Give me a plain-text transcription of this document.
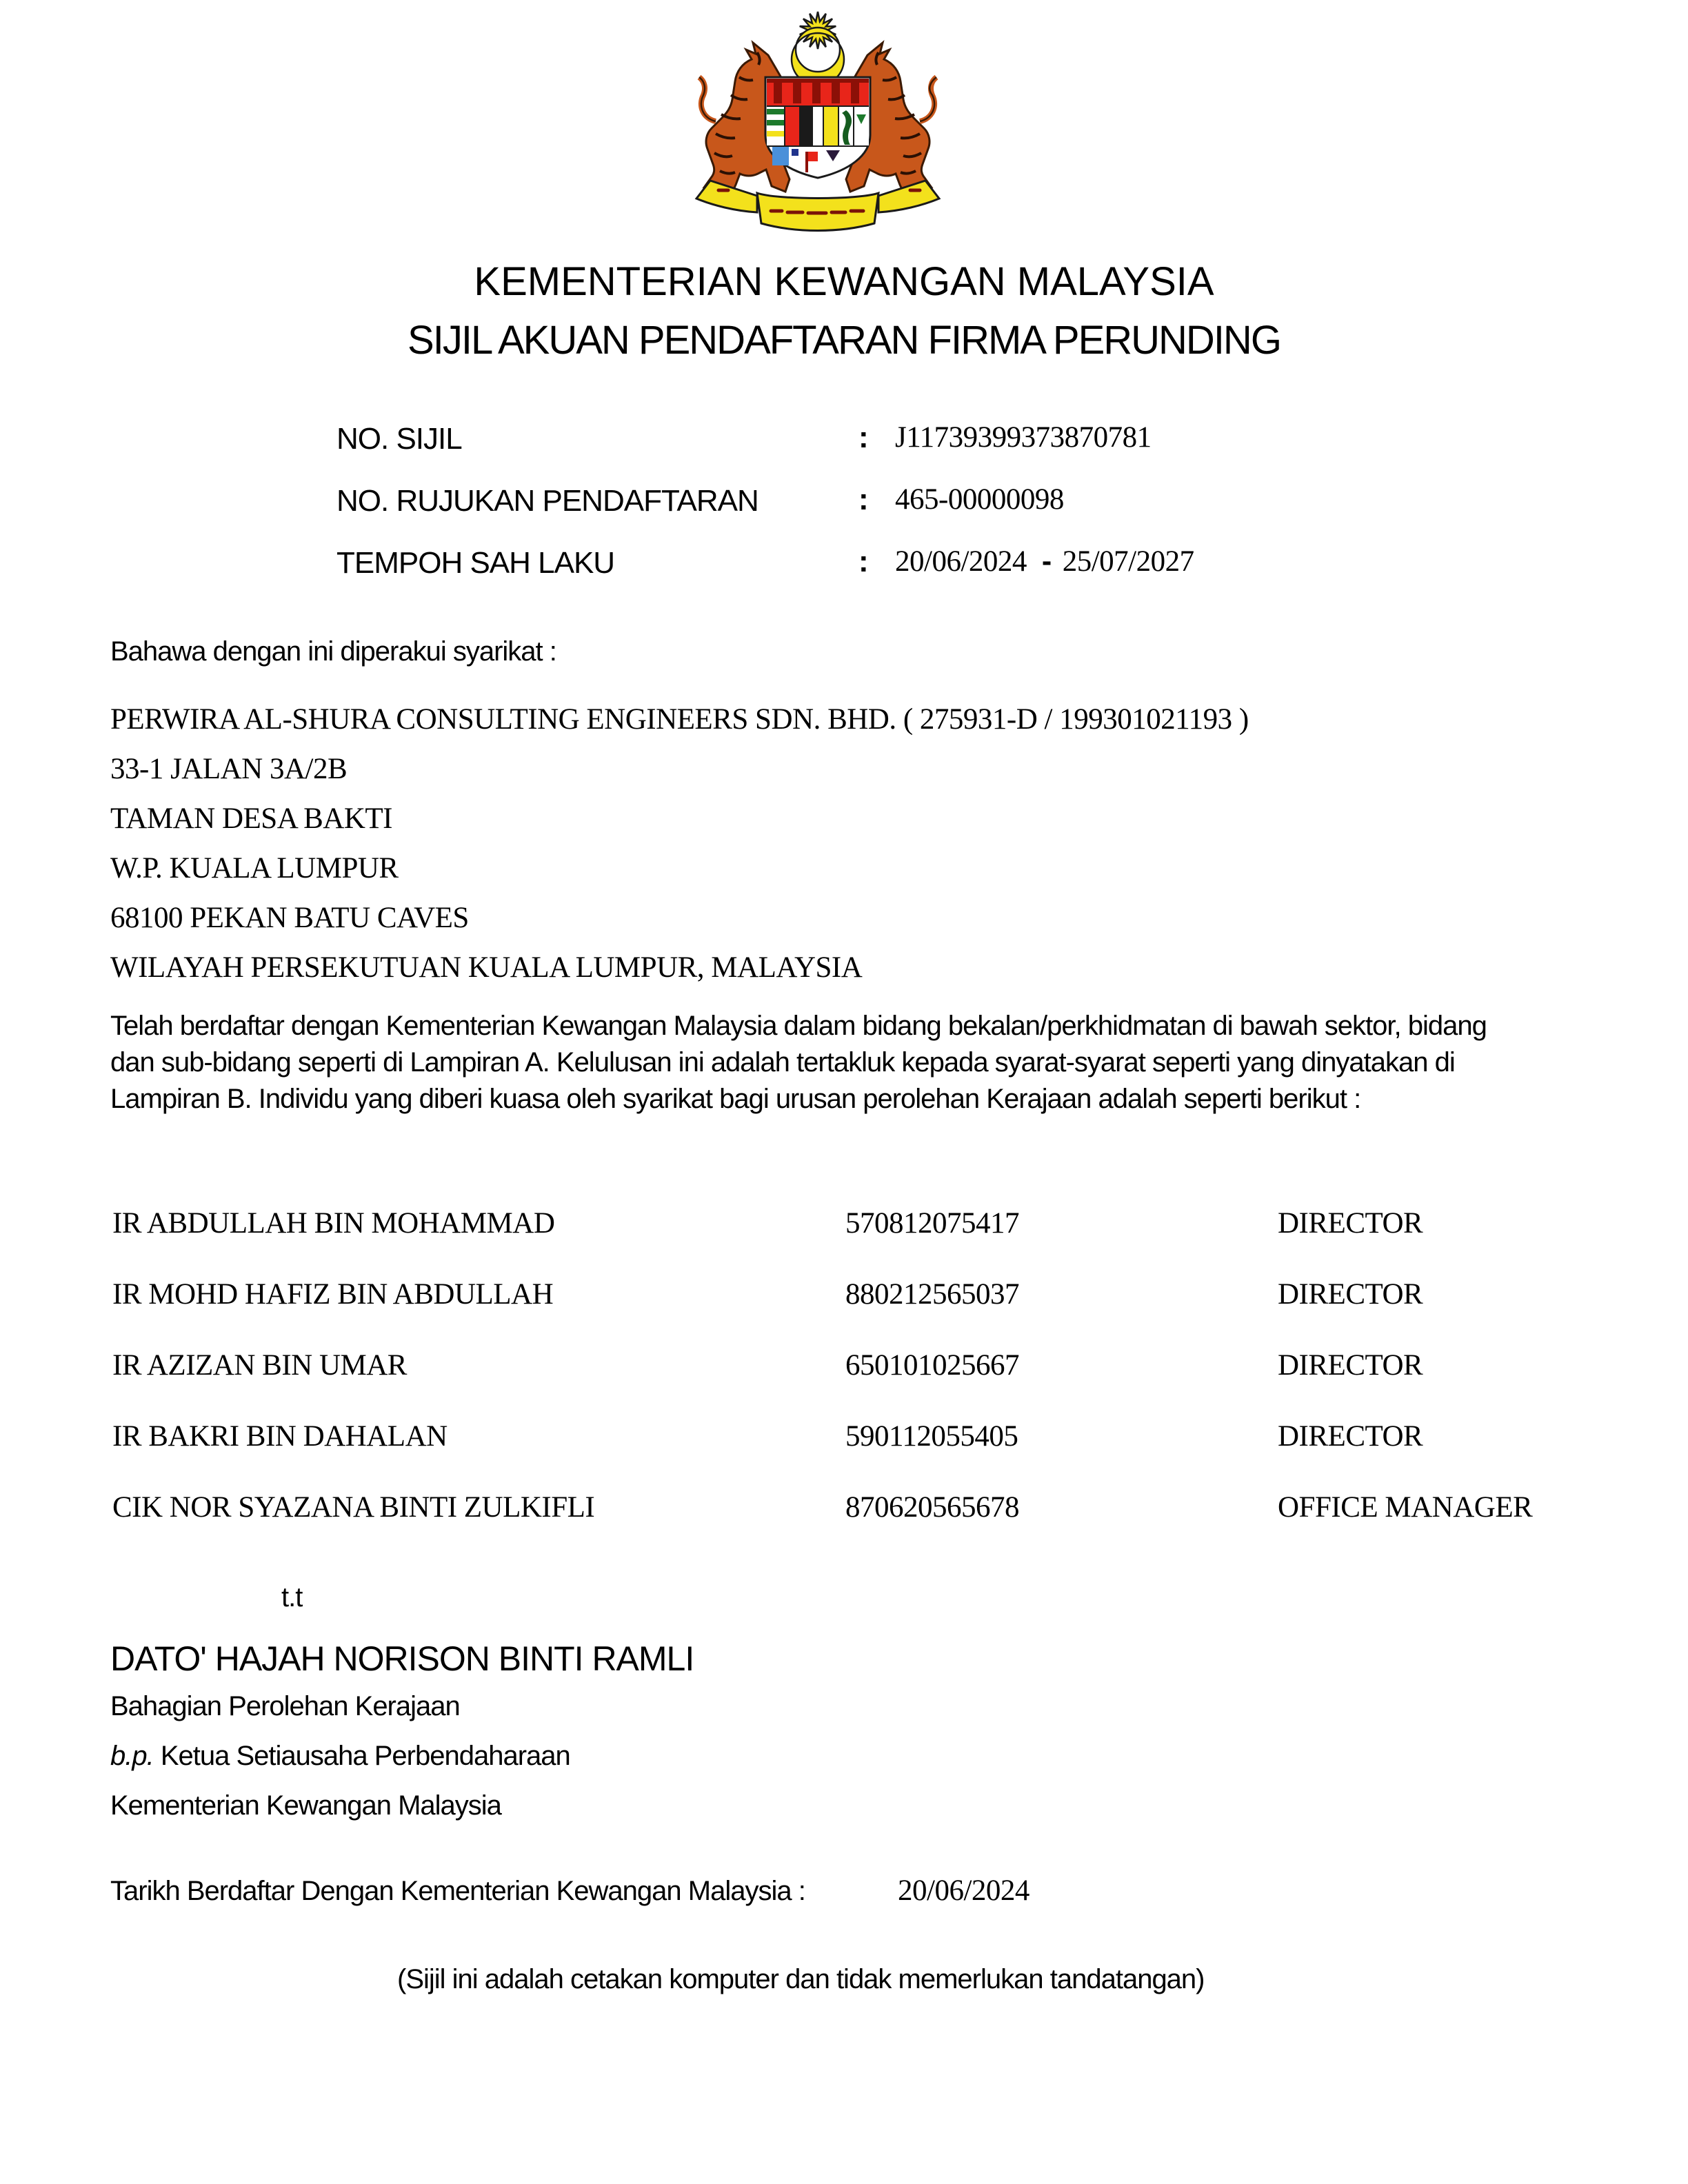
KEMENTERIAN KEWANGAN MALAYSIA
SIJIL AKUAN PENDAFTARAN FIRMA PERUNDING
NO. SIJIL	: J11739399373870781
NO. RUJUKAN PENDAFTARAN	: 465-00000098
TEMPOH SAH LAKU	: 20/06/2024 - 25/07/2027
Bahawa dengan ini diperakui syarikat :
PERWIRA AL-SHURA CONSULTING ENGINEERS SDN. BHD. ( 275931-D / 199301021193 )
33-1 JALAN 3A/2B
TAMAN DESA BAKTI
W.P. KUALA LUMPUR
68100 PEKAN BATU CAVES
WILAYAH PERSEKUTUAN KUALA LUMPUR, MALAYSIA
Telah berdaftar dengan Kementerian Kewangan Malaysia dalam bidang bekalan/perkhidmatan di bawah sektor, bidang
dan sub-bidang seperti di Lampiran A. Kelulusan ini adalah tertakluk kepada syarat-syarat seperti yang dinyatakan di
Lampiran B. Individu yang diberi kuasa oleh syarikat bagi urusan perolehan Kerajaan adalah seperti berikut :
IR ABDULLAH BIN MOHAMMAD	570812075417	DIRECTOR
IR MOHD HAFIZ BIN ABDULLAH	880212565037	DIRECTOR
IR AZIZAN BIN UMAR	650101025667	DIRECTOR
IR BAKRI BIN DAHALAN	590112055405	DIRECTOR
CIK NOR SYAZANA BINTI ZULKIFLI	870620565678	OFFICE MANAGER
t.t
DATO' HAJAH NORISON BINTI RAMLI
Bahagian Perolehan Kerajaan
b.p. Ketua Setiausaha Perbendaharaan
Kementerian Kewangan Malaysia
Tarikh Berdaftar Dengan Kementerian Kewangan Malaysia :	20/06/2024
(Sijil ini adalah cetakan komputer dan tidak memerlukan tandatangan)
